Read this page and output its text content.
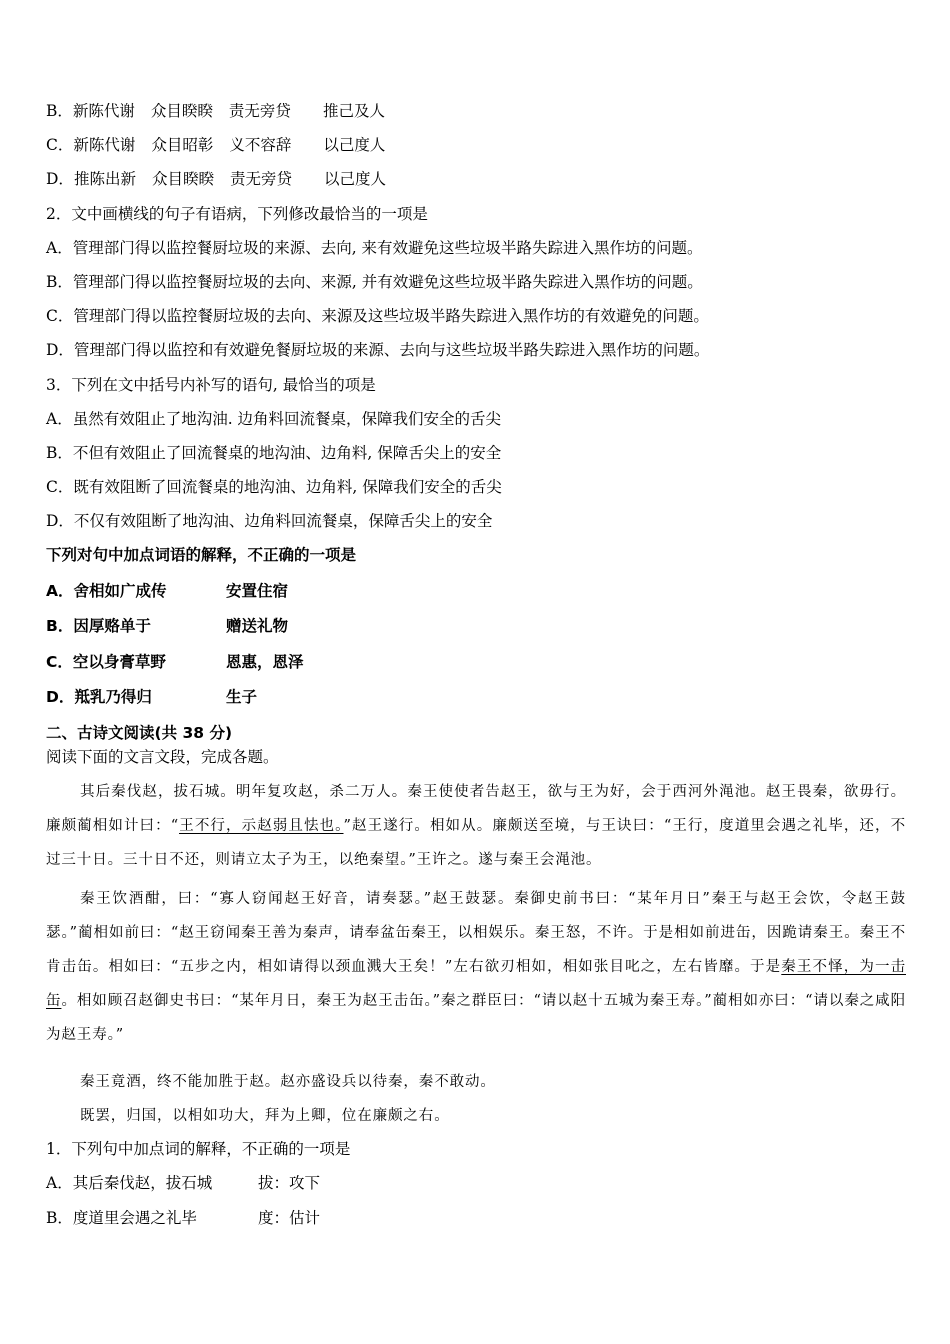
B．新陈代谢 众目睽睽 责无旁贷 推己及人
C．新陈代谢 众目昭彰 义不容辞 以己度人
D．推陈出新 众目睽睽 责无旁贷 以己度人
2．文中画横线的句子有语病，下列修改最恰当的一项是
A．管理部门得以监控餐厨垃圾的来源、去向, 来有效避免这些垃圾半路失踪进入黑作坊的问题。
B．管理部门得以监控餐厨垃圾的去向、来源, 并有效避免这些垃圾半路失踪进入黑作坊的问题。
C．管理部门得以监控餐厨垃圾的去向、来源及这些垃圾半路失踪进入黑作坊的有效避免的问题。
D．管理部门得以监控和有效避免餐厨垃圾的来源、去向与这些垃圾半路失踪进入黑作坊的问题。
3．下列在文中括号内补写的语句, 最恰当的项是
A．虽然有效阻止了地沟油. 边角料回流餐桌，保障我们安全的舌尖
B．不但有效阻止了回流餐桌的地沟油、边角料, 保障舌尖上的安全
C．既有效阻断了回流餐桌的地沟油、边角料, 保障我们安全的舌尖
D．不仅有效阻断了地沟油、边角料回流餐桌，保障舌尖上的安全
下列对句中加点词语的解释，不正确的一项是
A．舍相如广成传	安置住宿
B．因厚赂单于	赠送礼物
C．空以身膏草野	恩惠，恩泽
D．羝乳乃得归	生子
二、古诗文阅读(共 38 分)
阅读下面的文言文段，完成各题。
其后秦伐赵，拔石城。明年复攻赵，杀二万人。秦王使使者告赵王，欲与王为好，会于西河外渑池。赵王畏秦，欲毋行。廉颇蔺相如计曰：“王不行，示赵弱且怯也。”赵王遂行。相如从。廉颇送至境，与王诀曰：“王行，度道里会遇之礼毕，还，不过三十日。三十日不还，则请立太子为王，以绝秦望。”王许之。遂与秦王会渑池。
秦王饮酒酣，曰：“寡人窃闻赵王好音，请奏瑟。”赵王鼓瑟。秦御史前书曰：“某年月日”秦王与赵王会饮，令赵王鼓瑟。”蔺相如前曰：“赵王窃闻秦王善为秦声，请奉盆缶秦王，以相娱乐。秦王怒，不许。于是相如前进缶，因跪请秦王。秦王不肯击缶。相如曰：“五步之内，相如请得以颈血溅大王矣！”左右欲刃相如，相如张目叱之，左右皆靡。于是秦王不怿，为一击缶。相如顾召赵御史书曰：“某年月日，秦王为赵王击缶。”秦之群臣曰：“请以赵十五城为秦王寿。”蔺相如亦曰：“请以秦之咸阳为赵王寿。”
秦王竟酒，终不能加胜于赵。赵亦盛设兵以待秦，秦不敢动。
既罢，归国，以相如功大，拜为上卿，位在廉颇之右。
1．下列句中加点词的解释，不正确的一项是
A．其后秦伐赵，拔石城	拔：攻下
B．度道里会遇之礼毕	度：估计
